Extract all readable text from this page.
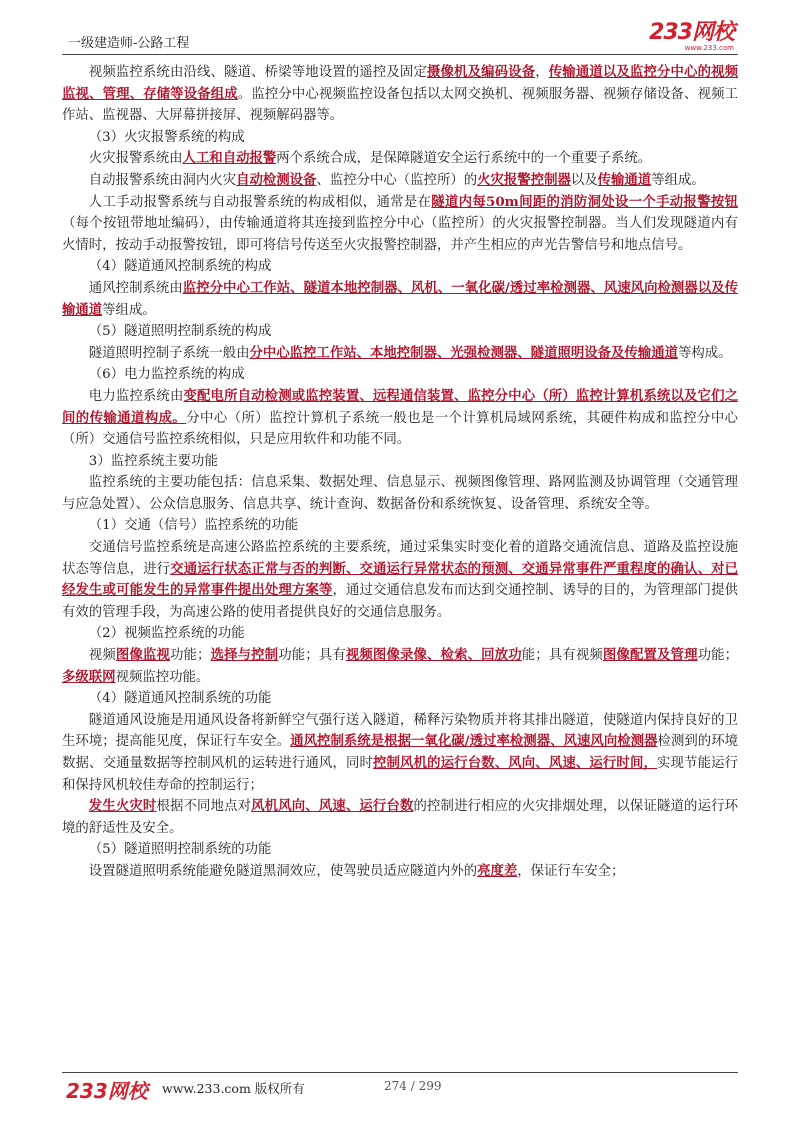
一级建造师-公路工程	233网校
www.233.com

视频监控系统由沿线、隧道、桥梁等地设置的遥控及固定摄像机及编码设备，传输通道以及监控分中心的视频监视、管理、存储等设备组成。监控分中心视频监控设备包括以太网交换机、视频服务器、视频存储设备、视频工作站、监视器、大屏幕拼接屏、视频解码器等。

（3）火灾报警系统的构成

火灾报警系统由人工和自动报警两个系统合成，是保障隧道安全运行系统中的一个重要子系统。

自动报警系统由洞内火灾自动检测设备、监控分中心（监控所）的火灾报警控制器以及传输通道等组成。

人工手动报警系统与自动报警系统的构成相似，通常是在隧道内每50m间距的消防洞处设一个手动报警按钮（每个按钮带地址编码），由传输通道将其连接到监控分中心（监控所）的火灾报警控制器。当人们发现隧道内有火情时，按动手动报警按钮，即可将信号传送至火灾报警控制器，并产生相应的声光告警信号和地点信号。

（4）隧道通风控制系统的构成

通风控制系统由监控分中心工作站、隧道本地控制器、风机、一氧化碳/透过率检测器、风速风向检测器以及传输通道等组成。

（5）隧道照明控制系统的构成

隧道照明控制子系统一般由分中心监控工作站、本地控制器、光强检测器、隧道照明设备及传输通道等构成。

（6）电力监控系统的构成

电力监控系统由变配电所自动检测或监控装置、远程通信装置、监控分中心（所）监控计算机系统以及它们之间的传输通道构成。分中心（所）监控计算机子系统一般也是一个计算机局域网系统，其硬件构成和监控分中心（所）交通信号监控系统相似，只是应用软件和功能不同。

3）监控系统主要功能

监控系统的主要功能包括：信息采集、数据处理、信息显示、视频图像管理、路网监测及协调管理（交通管理与应急处置）、公众信息服务、信息共享、统计查询、数据备份和系统恢复、设备管理、系统安全等。

（1）交通（信号）监控系统的功能

交通信号监控系统是高速公路监控系统的主要系统，通过采集实时变化着的道路交通流信息、道路及监控设施状态等信息，进行交通运行状态正常与否的判断、交通运行异常状态的预测、交通异常事件严重程度的确认、对已经发生或可能发生的异常事件提出处理方案等，通过交通信息发布而达到交通控制、诱导的目的，为管理部门提供有效的管理手段，为高速公路的使用者提供良好的交通信息服务。

（2）视频监控系统的功能

视频图像监视功能；选择与控制功能；具有视频图像录像、检索、回放功能；具有视频图像配置及管理功能；多级联网视频监控功能。

（4）隧道通风控制系统的功能

隧道通风设施是用通风设备将新鲜空气强行送入隧道，稀释污染物质并将其排出隧道，使隧道内保持良好的卫生环境；提高能见度，保证行车安全。通风控制系统是根据一氧化碳/透过率检测器、风速风向检测器检测到的环境数据、交通量数据等控制风机的运转进行通风，同时控制风机的运行台数、风向、风速、运行时间，实现节能运行和保持风机较佳寿命的控制运行；

发生火灾时根据不同地点对风机风向、风速、运行台数的控制进行相应的火灾排烟处理，以保证隧道的运行环境的舒适性及安全。

（5）隧道照明控制系统的功能

设置隧道照明系统能避免隧道黑洞效应，使驾驶员适应隧道内外的亮度差，保证行车安全；

233网校 www.233.com 版权所有	274 / 299
